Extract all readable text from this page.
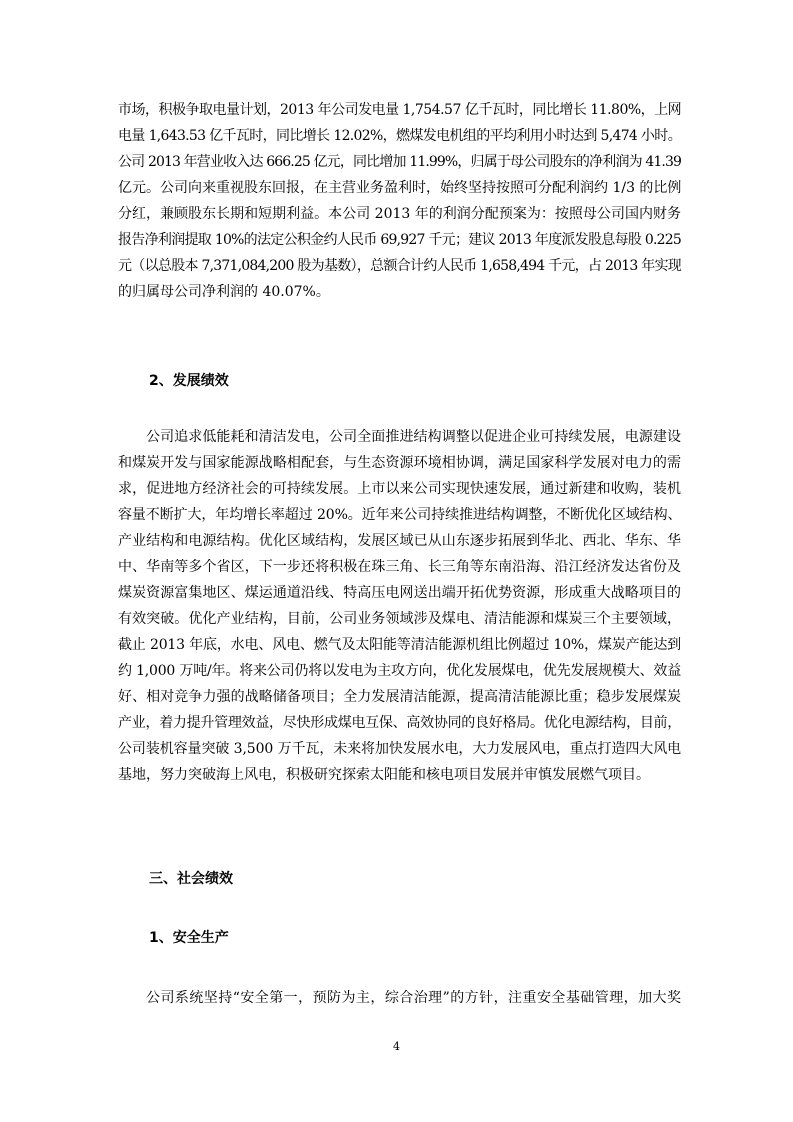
市场，积极争取电量计划，2013 年公司发电量 1,754.57 亿千瓦时，同比增长 11.80%，上网
电量 1,643.53 亿千瓦时，同比增长 12.02%，燃煤发电机组的平均利用小时达到 5,474 小时。
公司 2013 年营业收入达 666.25 亿元，同比增加 11.99%，归属于母公司股东的净利润为 41.39
亿元。公司向来重视股东回报，在主营业务盈利时，始终坚持按照可分配利润约 1/3 的比例
分红，兼顾股东长期和短期利益。本公司 2013 年的利润分配预案为：按照母公司国内财务
报告净利润提取 10%的法定公积金约人民币 69,927 千元；建议 2013 年度派发股息每股 0.225
元（以总股本 7,371,084,200 股为基数），总额合计约人民币 1,658,494 千元，占 2013 年实现
的归属母公司净利润的 40.07%。
2、发展绩效
公司追求低能耗和清洁发电，公司全面推进结构调整以促进企业可持续发展，电源建设
和煤炭开发与国家能源战略相配套，与生态资源环境相协调，满足国家科学发展对电力的需
求，促进地方经济社会的可持续发展。上市以来公司实现快速发展，通过新建和收购，装机
容量不断扩大，年均增长率超过 20%。近年来公司持续推进结构调整，不断优化区域结构、
产业结构和电源结构。优化区域结构，发展区域已从山东逐步拓展到华北、西北、华东、华
中、华南等多个省区，下一步还将积极在珠三角、长三角等东南沿海、沿江经济发达省份及
煤炭资源富集地区、煤运通道沿线、特高压电网送出端开拓优势资源，形成重大战略项目的
有效突破。优化产业结构，目前，公司业务领域涉及煤电、清洁能源和煤炭三个主要领域，
截止 2013 年底，水电、风电、燃气及太阳能等清洁能源机组比例超过 10%，煤炭产能达到
约 1,000 万吨/年。将来公司仍将以发电为主攻方向，优化发展煤电，优先发展规模大、效益
好、相对竞争力强的战略储备项目；全力发展清洁能源，提高清洁能源比重；稳步发展煤炭
产业，着力提升管理效益，尽快形成煤电互保、高效协同的良好格局。优化电源结构，目前，
公司装机容量突破 3,500 万千瓦，未来将加快发展水电，大力发展风电，重点打造四大风电
基地，努力突破海上风电，积极研究探索太阳能和核电项目发展并审慎发展燃气项目。
三、社会绩效
1、安全生产
公司系统坚持“安全第一，预防为主，综合治理”的方针，注重安全基础管理，加大奖
4
